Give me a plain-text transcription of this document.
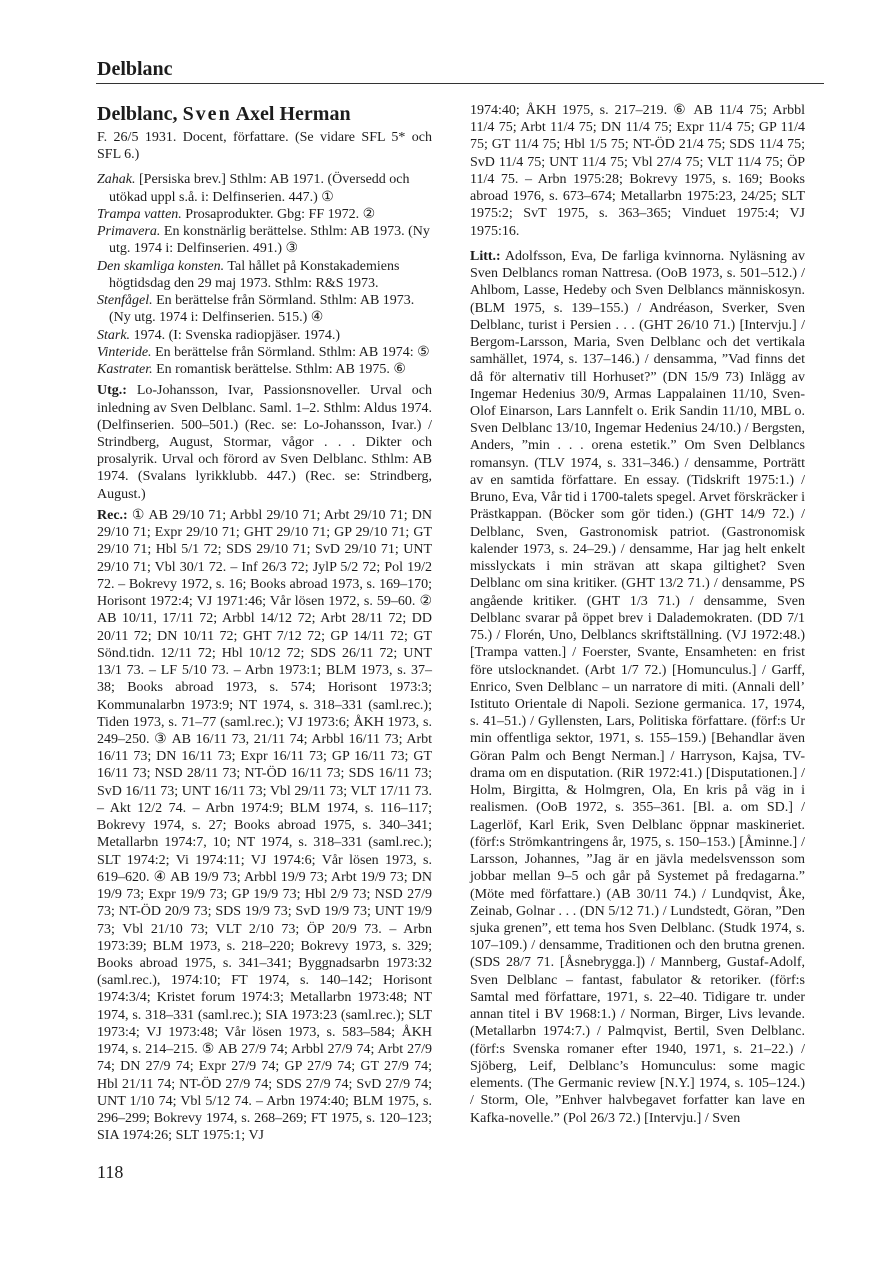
Delblanc
Delblanc, Sven Axel Herman

F. 26/5 1931. Docent, författare. (Se vidare SFL 5* och SFL 6.)

Zahak. [Persiska brev.] Sthlm: AB 1971. (Översedd och utökad uppl s.å. i: Delfinserien. 447.) ①

Trampa vatten. Prosaprodukter. Gbg: FF 1972. ②

Primavera. En konstnärlig berättelse. Sthlm: AB 1973. (Ny utg. 1974 i: Delfinserien. 491.) ③

Den skamliga konsten. Tal hållet på Konstakademiens högtidsdag den 29 maj 1973. Sthlm: R&S 1973.

Stenfågel. En berättelse från Sörmland. Sthlm: AB 1973. (Ny utg. 1974 i: Delfinserien. 515.) ④

Stark. 1974. (I: Svenska radiopjäser. 1974.)

Vinteride. En berättelse från Sörmland. Sthlm: AB 1974: ⑤

Kastrater. En romantisk berättelse. Sthlm: AB 1975. ⑥

Utg.: Lo-Johansson, Ivar, Passionsnoveller. Urval och inledning av Sven Delblanc. Saml. 1–2. Sthlm: Aldus 1974. (Delfinserien. 500–501.) (Rec. se: Lo-Johansson, Ivar.) / Strindberg, August, Stormar, vågor . . . Dikter och prosalyrik. Urval och förord av Sven Delblanc. Sthlm: AB 1974. (Svalans lyrikklubb. 447.) (Rec. se: Strindberg, August.)

Rec.: ① AB 29/10 71; Arbbl 29/10 71; Arbt 29/10 71; DN 29/10 71; Expr 29/10 71; GHT 29/10 71; GP 29/10 71; GT 29/10 71; Hbl 5/1 72; SDS 29/10 71; SvD 29/10 71; UNT 29/10 71; Vbl 30/1 72. – Inf 26/3 72; JylP 5/2 72; Pol 19/2 72. – Bokrevy 1972, s. 16; Books abroad 1973, s. 169–170; Horisont 1972:4; VJ 1971:46; Vår lösen 1972, s. 59–60. ② AB 10/11, 17/11 72; Arbbl 14/12 72; Arbt 28/11 72; DD 20/11 72; DN 10/11 72; GHT 7/12 72; GP 14/11 72; GT Sönd.tidn. 12/11 72; Hbl 10/12 72; SDS 26/11 72; UNT 13/1 73. – LF 5/10 73. – Arbn 1973:1; BLM 1973, s. 37–38; Books abroad 1973, s. 574; Horisont 1973:3; Kommunalarbn 1973:9; NT 1974, s. 318–331 (saml.rec.); Tiden 1973, s. 71–77 (saml.rec.); VJ 1973:6; ÅKH 1973, s. 249–250. ③ AB 16/11 73, 21/11 74; Arbbl 16/11 73; Arbt 16/11 73; DN 16/11 73; Expr 16/11 73; GP 16/11 73; GT 16/11 73; NSD 28/11 73; NT-ÖD 16/11 73; SDS 16/11 73; SvD 16/11 73; UNT 16/11 73; Vbl 29/11 73; VLT 17/11 73. – Akt 12/2 74. – Arbn 1974:9; BLM 1974, s. 116–117; Bokrevy 1974, s. 27; Books abroad 1975, s. 340–341; Metallarbn 1974:7, 10; NT 1974, s. 318–331 (saml.rec.); SLT 1974:2; Vi 1974:11; VJ 1974:6; Vår lösen 1973, s. 619–620. ④ AB 19/9 73; Arbbl 19/9 73; Arbt 19/9 73; DN 19/9 73; Expr 19/9 73; GP 19/9 73; Hbl 2/9 73; NSD 27/9 73; NT-ÖD 20/9 73; SDS 19/9 73; SvD 19/9 73; UNT 19/9 73; Vbl 21/10 73; VLT 2/10 73; ÖP 20/9 73. – Arbn 1973:39; BLM 1973, s. 218–220; Bokrevy 1973, s. 329; Books abroad 1975, s. 341–341; Byggnadsarbn 1973:32 (saml.rec.), 1974:10; FT 1974, s. 140–142; Horisont 1974:3/4; Kristet forum 1974:3; Metallarbn 1973:48; NT 1974, s. 318–331 (saml.rec.); SIA 1973:23 (saml.rec.); SLT 1973:4; VJ 1973:48; Vår lösen 1973, s. 583–584; ÅKH 1974, s. 214–215. ⑤ AB 27/9 74; Arbbl 27/9 74; Arbt 27/9 74; DN 27/9 74; Expr 27/9 74; GP 27/9 74; GT 27/9 74; Hbl 21/11 74; NT-ÖD 27/9 74; SDS 27/9 74; SvD 27/9 74; UNT 1/10 74; Vbl 5/12 74. – Arbn 1974:40; BLM 1975, s. 296–299; Bokrevy 1974, s. 268–269; FT 1975, s. 120–123; SIA 1974:26; SLT 1975:1; VJ

1974:40; ÅKH 1975, s. 217–219. ⑥ AB 11/4 75; Arbbl 11/4 75; Arbt 11/4 75; DN 11/4 75; Expr 11/4 75; GP 11/4 75; GT 11/4 75; Hbl 1/5 75; NT-ÖD 21/4 75; SDS 11/4 75; SvD 11/4 75; UNT 11/4 75; Vbl 27/4 75; VLT 11/4 75; ÖP 11/4 75. – Arbn 1975:28; Bokrevy 1975, s. 169; Books abroad 1976, s. 673–674; Metallarbn 1975:23, 24/25; SLT 1975:2; SvT 1975, s. 363–365; Vinduet 1975:4; VJ 1975:16.

Litt.: Adolfsson, Eva, De farliga kvinnorna. Nyläsning av Sven Delblancs roman Nattresa. (OoB 1973, s. 501–512.) / Ahlbom, Lasse, Hedeby och Sven Delblancs människosyn. (BLM 1975, s. 139–155.) / Andréason, Sverker, Sven Delblanc, turist i Persien . . . (GHT 26/10 71.) [Intervju.] / Bergom-Larsson, Maria, Sven Delblanc och det vertikala samhället, 1974, s. 137–146.) / densamma, ”Vad finns det då för alternativ till Horhuset?” (DN 15/9 73) Inlägg av Ingemar Hedenius 30/9, Armas Lappalainen 11/10, Sven-Olof Einarson, Lars Lannfelt o. Erik Sandin 11/10, MBL o. Sven Delblanc 13/10, Ingemar Hedenius 24/10.) / Bergsten, Anders, ”min . . . orena estetik.” Om Sven Delblancs romansyn. (TLV 1974, s. 331–346.) / densamme, Porträtt av en samtida författare. En essay. (Tidskrift 1975:1.) / Bruno, Eva, Vår tid i 1700-talets spegel. Arvet förskräcker i Prästkappan. (Böcker som gör tiden.) (GHT 14/9 72.) / Delblanc, Sven, Gastronomisk patriot. (Gastronomisk kalender 1973, s. 24–29.) / densamme, Har jag helt enkelt misslyckats i min strävan att skapa giltighet? Sven Delblanc om sina kritiker. (GHT 13/2 71.) / densamme, PS angående kritiker. (GHT 1/3 71.) / densamme, Sven Delblanc svarar på öppet brev i Dalademokraten. (DD 7/1 75.) / Florén, Uno, Delblancs skriftställning. (VJ 1972:48.) [Trampa vatten.] / Foerster, Svante, Ensamheten: en frist före utslocknandet. (Arbt 1/7 72.) [Homunculus.] / Garff, Enrico, Sven Delblanc – un narratore di miti. (Annali dell’ Istituto Orientale di Napoli. Sezione germanica. 17, 1974, s. 41–51.) / Gyllensten, Lars, Politiska författare. (förf:s Ur min offentliga sektor, 1971, s. 155–159.) [Behandlar även Göran Palm och Bengt Nerman.] / Harryson, Kajsa, TV-drama om en disputation. (RiR 1972:41.) [Disputationen.] / Holm, Birgitta, & Holmgren, Ola, En kris på väg in i realismen. (OoB 1972, s. 355–361. [Bl. a. om SD.] / Lagerlöf, Karl Erik, Sven Delblanc öppnar maskineriet. (förf:s Strömkantringens år, 1975, s. 150–153.) [Åminne.] / Larsson, Johannes, ”Jag är en jävla medelsvensson som jobbar mellan 9–5 och går på Systemet på fredagarna.” (Möte med författare.) (AB 30/11 74.) / Lundqvist, Åke, Zeinab, Golnar . . . (DN 5/12 71.) / Lundstedt, Göran, ”Den sjuka grenen”, ett tema hos Sven Delblanc. (Studk 1974, s. 107–109.) / densamme, Traditionen och den brutna grenen. (SDS 28/7 71. [Åsnebrygga.]) / Mannberg, Gustaf-Adolf, Sven Delblanc – fantast, fabulator & retoriker. (förf:s Samtal med författare, 1971, s. 22–40. Tidigare tr. under annan titel i BV 1968:1.) / Norman, Birger, Livs levande. (Metallarbn 1974:7.) / Palmqvist, Bertil, Sven Delblanc. (förf:s Svenska romaner efter 1940, 1971, s. 21–22.) / Sjöberg, Leif, Delblanc’s Homunculus: some magic elements. (The Germanic review [N.Y.] 1974, s. 105–124.) / Storm, Ole, ”Enhver halvbegavet forfatter kan lave en Kafka-novelle.” (Pol 26/3 72.) [Intervju.] / Sven

118
